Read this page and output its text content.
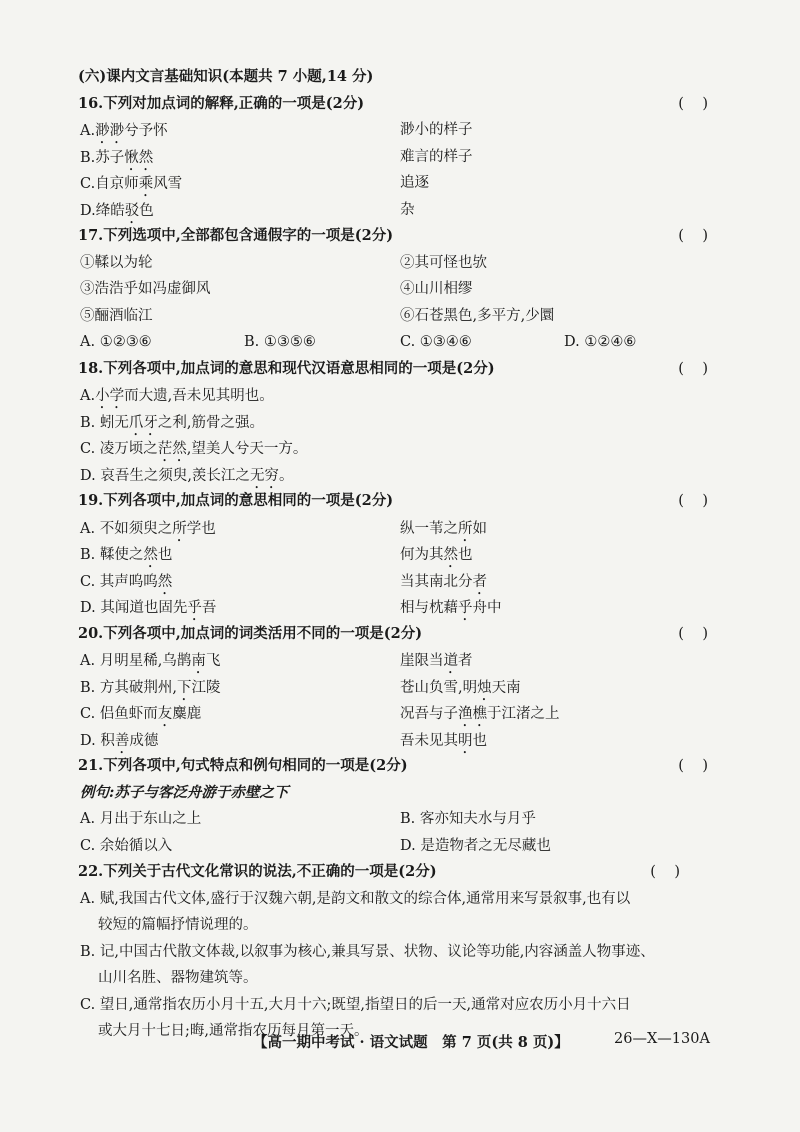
(六)课内文言基础知识(本题共 7 小题,14 分)
16.下列对加点词的解释,正确的一项是(2分)	(    )
A.渺渺兮予怀	渺小的样子
B.苏子愀然	难言的样子
C.自京师乘风雪	追逐
D.绛皓驳色	杂
17.下列选项中,全部都包含通假字的一项是(2分)	(    )
①鞣以为轮	②其可怪也欤
③浩浩乎如冯虚御风	④山川相缪
⑤酾酒临江	⑥石苍黑色,多平方,少圜
A. ①②③⑥	B. ①③⑤⑥	C. ①③④⑥	D. ①②④⑥
18.下列各项中,加点词的意思和现代汉语意思相同的一项是(2分)	(    )
A.小学而大遗,吾未见其明也。
B. 蚓无爪牙之利,筋骨之强。
C. 凌万顷之茫然,望美人兮天一方。
D. 哀吾生之须臾,羡长江之无穷。
19.下列各项中,加点词的意思相同的一项是(2分)	(    )
A. 不如须臾之所学也	纵一苇之所如
B. 鞣使之然也	何为其然也
C. 其声呜呜然	当其南北分者
D. 其闻道也固先乎吾	相与枕藉乎舟中
20.下列各项中,加点词的词类活用不同的一项是(2分)	(    )
A. 月明星稀,乌鹊南飞	崖限当道者
B. 方其破荆州,下江陵	苍山负雪,明烛天南
C. 侣鱼虾而友麋鹿	况吾与子渔樵于江渚之上
D. 积善成德	吾未见其明也
21.下列各项中,句式特点和例句相同的一项是(2分)	(    )
例句:苏子与客泛舟游于赤壁之下
A. 月出于东山之上	B. 客亦知夫水与月乎
C. 余始循以入	D. 是造物者之无尽藏也
22.下列关于古代文化常识的说法,不正确的一项是(2分)	(    )
A. 赋,我国古代文体,盛行于汉魏六朝,是韵文和散文的综合体,通常用来写景叙事,也有以
较短的篇幅抒情说理的。
B. 记,中国古代散文体裁,以叙事为核心,兼具写景、状物、议论等功能,内容涵盖人物事迹、
山川名胜、器物建筑等。
C. 望日,通常指农历小月十五,大月十六;既望,指望日的后一天,通常对应农历小月十六日
或大月十七日;晦,通常指农历每月第一天。
【高一期中考试 · 语文试题　第 7 页(共 8 页)】	26—X—130A
